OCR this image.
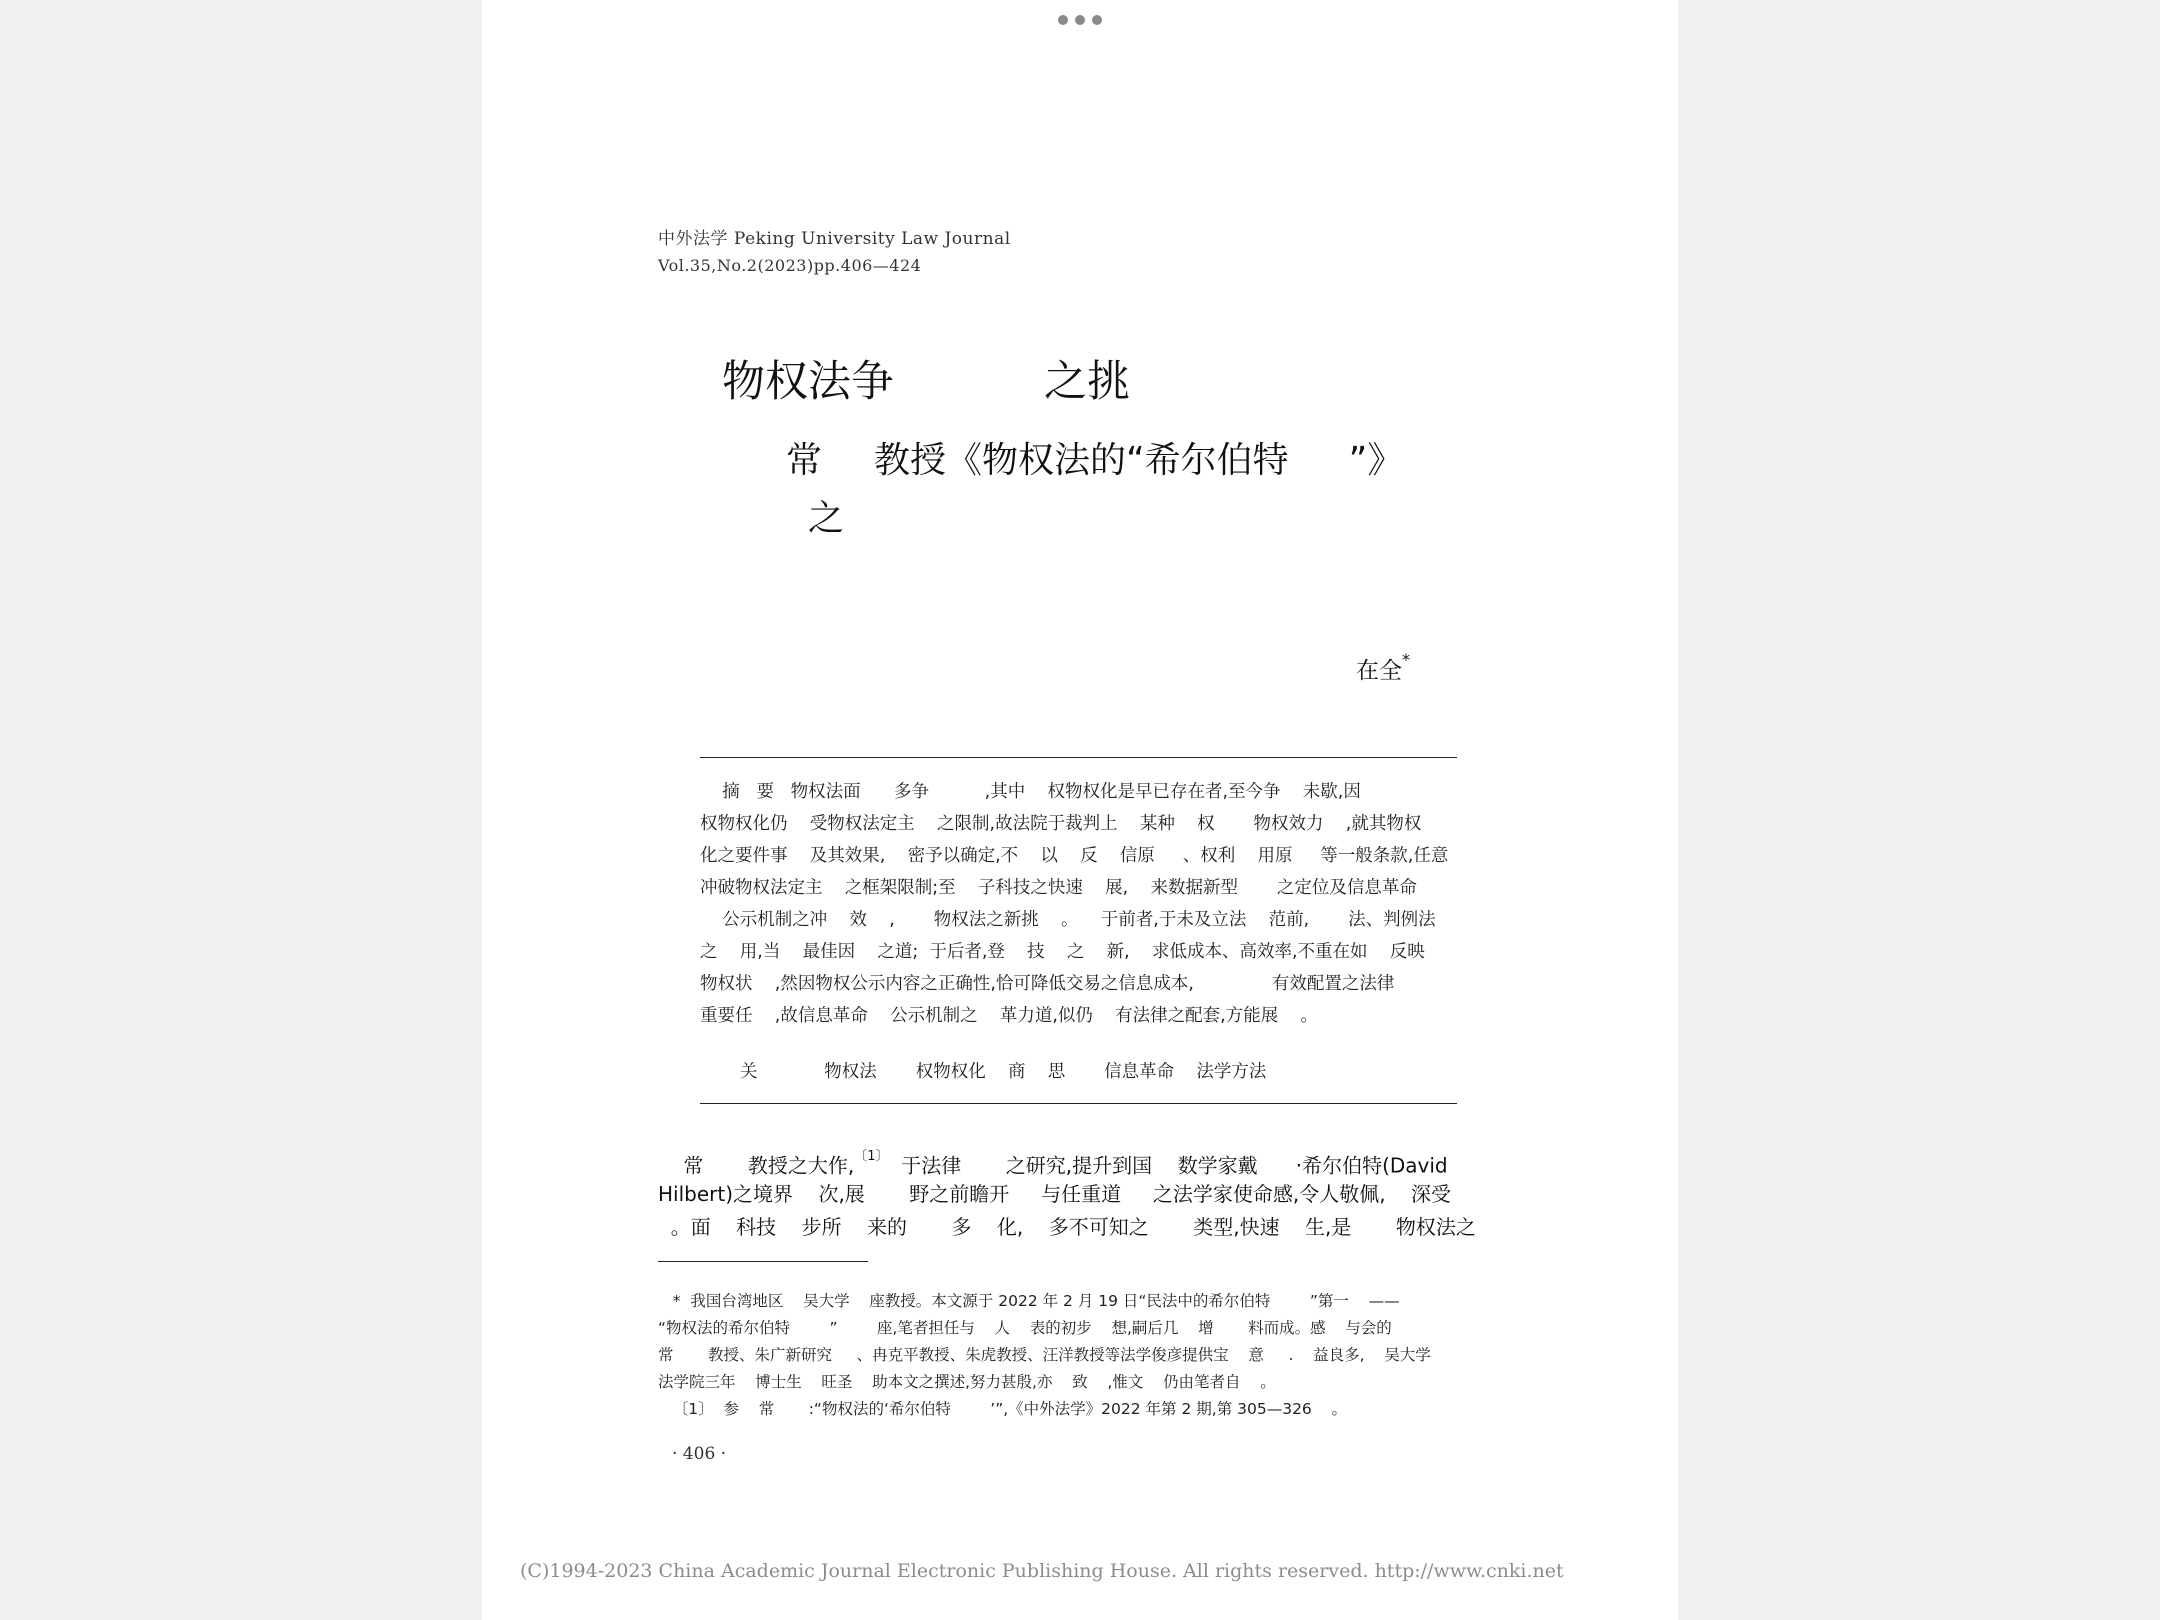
中外法学 Peking University Law Journal
Vol.35,No.2(2023)pp.406—424
物权法争	之挑
常 教授《物权法的“希尔伯特 ”》
之
在全*
摘   要   物权法面      多争          ,其中    权物权化是早已存在者,至今争    未歇,因
权物权化仍    受物权法定主    之限制,故法院于裁判上    某种    权       物权效力    ,就其物权
化之要件事    及其效果,    密予以确定,不    以    反    信原     、权利    用原     等一般条款,任意
冲破物权法定主    之框架限制;至    子科技之快速    展,    来数据新型       之定位及信息革命
公示机制之冲    效    ,       物权法之新挑    。    于前者,于未及立法    范前,       法、判例法
之    用,当    最佳因    之道;  于后者,登    技    之    新,    求低成本、高效率,不重在如    反映
物权状    ,然因物权公示内容之正确性,恰可降低交易之信息成本,              有效配置之法律
重要任    ,故信息革命    公示机制之    革力道,似仍    有法律之配套,方能展    。
关            物权法       权物权化    商    思       信息革命    法学方法
常       教授之大作,$^{〔1〕}$  于法律       之研究,提升到国    数学家戴      ·希尔伯特(David
Hilbert)之境界    次,展       野之前瞻开     与任重道     之法学家使命感,令人敬佩,    深受
。面    科技    步所    来的       多    化,    多不可知之       类型,快速    生,是       物权法之
*  我国台湾地区    吴大学    座教授。本文源于 2022 年 2 月 19 日“民法中的希尔伯特        ”第一    ——
“物权法的希尔伯特        ”        座,笔者担任与    人    表的初步    想,嗣后几    增       料而成。感    与会的
常       教授、朱广新研究     、冉克平教授、朱虎教授、汪洋教授等法学俊彦提供宝    意     .    益良多,    吴大学
法学院三年    博士生    旺圣    助本文之撰述,努力甚殷,亦    致    ,惟文    仍由笔者自    。
〔1〕  参    常       :“物权法的‘希尔伯特        ’”,《中外法学》2022 年第 2 期,第 305—326    。
· 406 ·
(C)1994-2023 China Academic Journal Electronic Publishing House. All rights reserved. http://www.cnki.net
